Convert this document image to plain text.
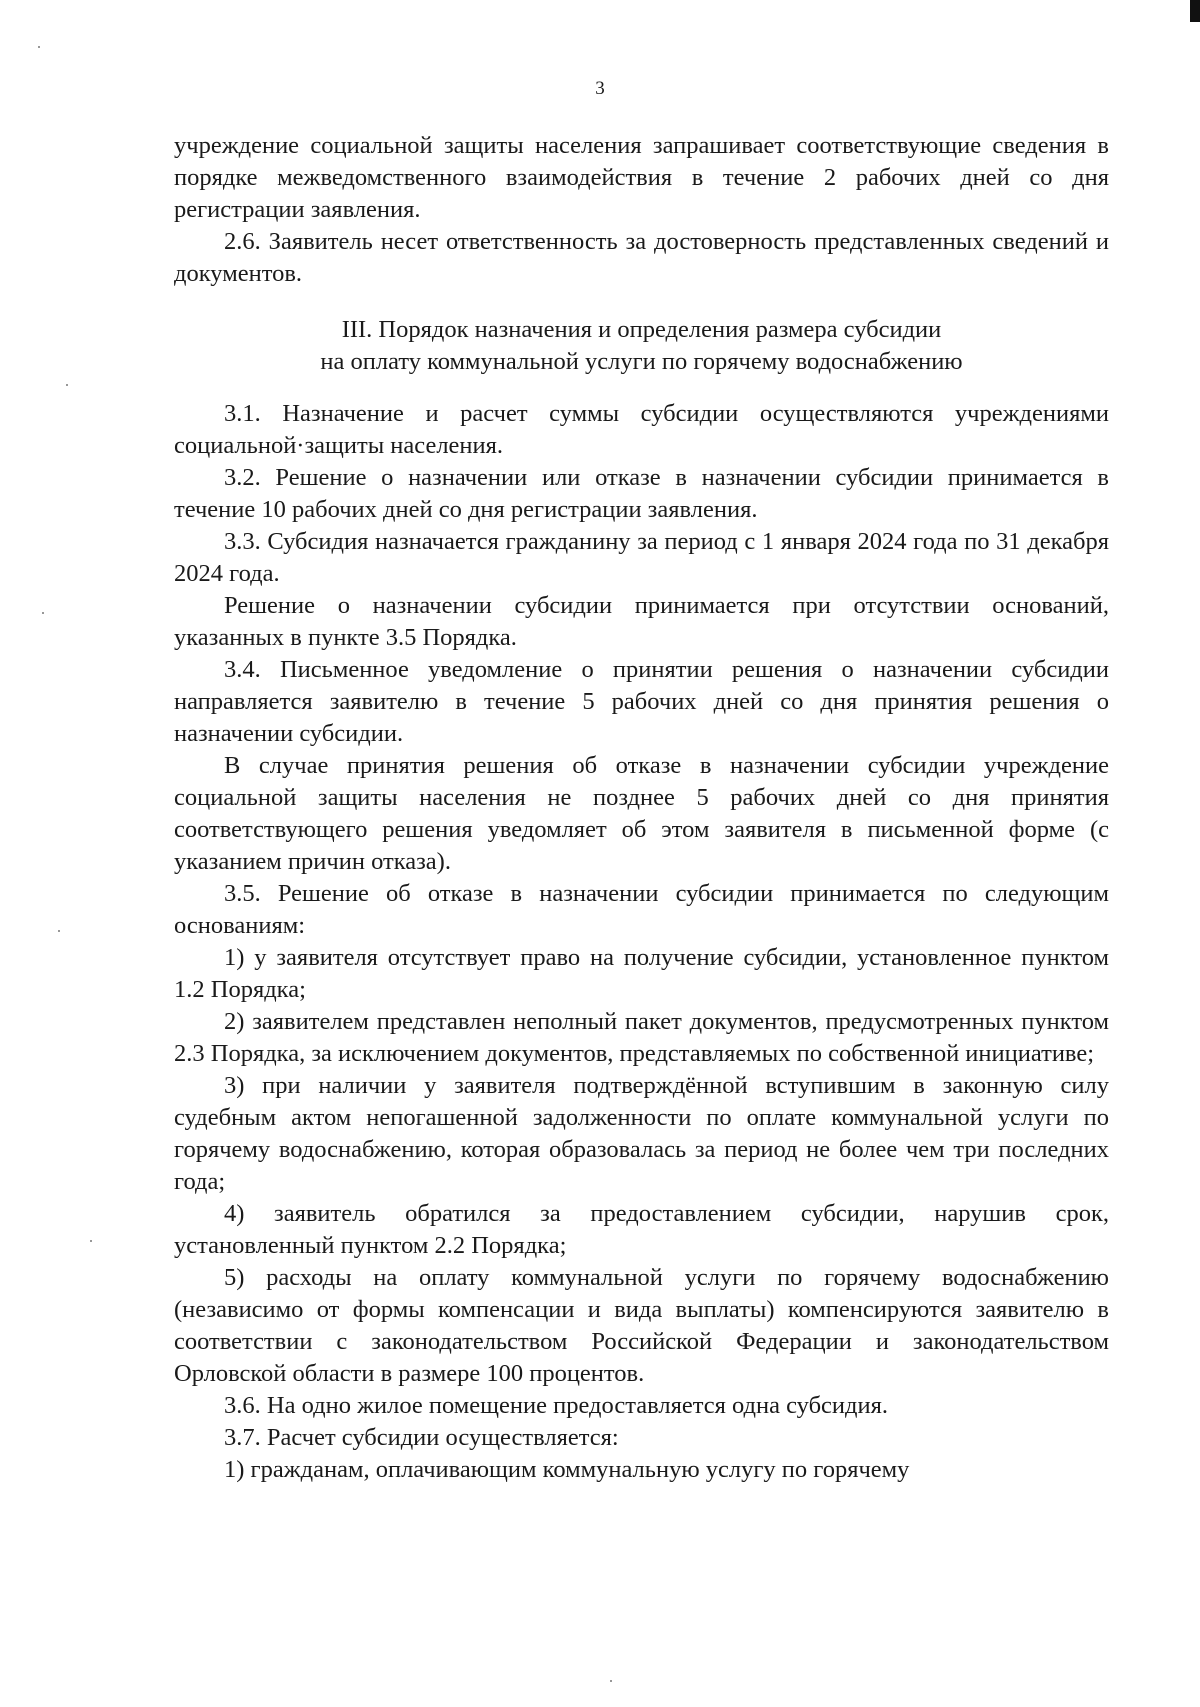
3

учреждение социальной защиты населения запрашивает соответствующие сведения в порядке межведомственного взаимодействия в течение 2 рабочих дней со дня регистрации заявления.

2.6. Заявитель несет ответственность за достоверность представленных сведений и документов.

III. Порядок назначения и определения размера субсидии
на оплату коммунальной услуги по горячему водоснабжению

3.1. Назначение и расчет суммы субсидии осуществляются учреждениями социальной·защиты населения.

3.2. Решение о назначении или отказе в назначении субсидии принимается в течение 10 рабочих дней со дня регистрации заявления.

3.3. Субсидия назначается гражданину за период с 1 января 2024 года по 31 декабря 2024 года.

Решение о назначении субсидии принимается при отсутствии оснований, указанных в пункте 3.5 Порядка.

3.4. Письменное уведомление о принятии решения о назначении субсидии направляется заявителю в течение 5 рабочих дней со дня принятия решения о назначении субсидии.

В случае принятия решения об отказе в назначении субсидии учреждение социальной защиты населения не позднее 5 рабочих дней со дня принятия соответствующего решения уведомляет об этом заявителя в письменной форме (с указанием причин отказа).

3.5. Решение об отказе в назначении субсидии принимается по следующим основаниям:

1) у заявителя отсутствует право на получение субсидии, установленное пунктом 1.2 Порядка;

2) заявителем представлен неполный пакет документов, предусмотренных пунктом 2.3 Порядка, за исключением документов, представляемых по собственной инициативе;

3) при наличии у заявителя подтверждённой вступившим в законную силу судебным актом непогашенной задолженности по оплате коммунальной услуги по горячему водоснабжению, которая образовалась за период не более чем три последних года;

4) заявитель обратился за предоставлением субсидии, нарушив срок, установленный пунктом 2.2 Порядка;

5) расходы на оплату коммунальной услуги по горячему водоснабжению (независимо от формы компенсации и вида выплаты) компенсируются заявителю в соответствии с законодательством Российской Федерации и законодательством Орловской области в размере 100 процентов.

3.6. На одно жилое помещение предоставляется одна субсидия.

3.7. Расчет субсидии осуществляется:

1) гражданам, оплачивающим коммунальную услугу по горячему
